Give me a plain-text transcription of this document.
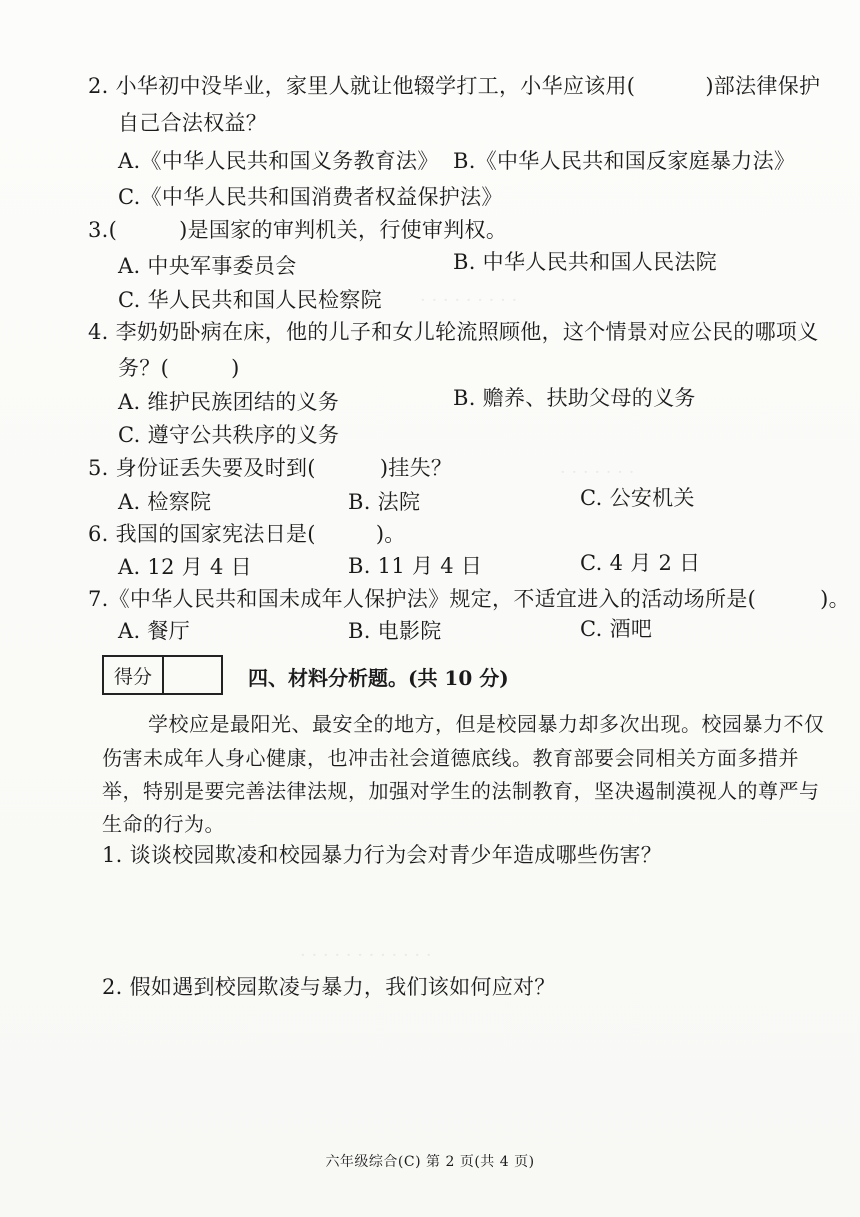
· · · · · · · · ·
· · · · · · ·
· · · · · · · · · · · ·
2. 小华初中没毕业，家里人就让他辍学打工，小华应该用(	)部法律保护
自己合法权益？
A.《中华人民共和国义务教育法》 B.《中华人民共和国反家庭暴力法》
C.《中华人民共和国消费者权益保护法》
3.(	)是国家的审判机关，行使审判权。
A. 中央军事委员会	B. 中华人民共和国人民法院
C. 华人民共和国人民检察院
4. 李奶奶卧病在床，他的儿子和女儿轮流照顾他，这个情景对应公民的哪项义
务？(	)
A. 维护民族团结的义务	B. 赡养、扶助父母的义务
C. 遵守公共秩序的义务
5. 身份证丢失要及时到(	)挂失？
A. 检察院	B. 法院	C. 公安机关
6. 我国的国家宪法日是(	)。
A. 12 月 4 日	B. 11 月 4 日	C. 4 月 2 日
7.《中华人民共和国未成年人保护法》规定，不适宜进入的活动场所是(	)。
A. 餐厅	B. 电影院	C. 酒吧
得分	四、材料分析题。(共 10 分)
学校应是最阳光、最安全的地方，但是校园暴力却多次出现。校园暴力不仅
伤害未成年人身心健康，也冲击社会道德底线。教育部要会同相关方面多措并
举，特别是要完善法律法规，加强对学生的法制教育，坚决遏制漠视人的尊严与
生命的行为。
1. 谈谈校园欺凌和校园暴力行为会对青少年造成哪些伤害？
2. 假如遇到校园欺凌与暴力，我们该如何应对？
六年级综合(C) 第 2 页(共 4 页)
